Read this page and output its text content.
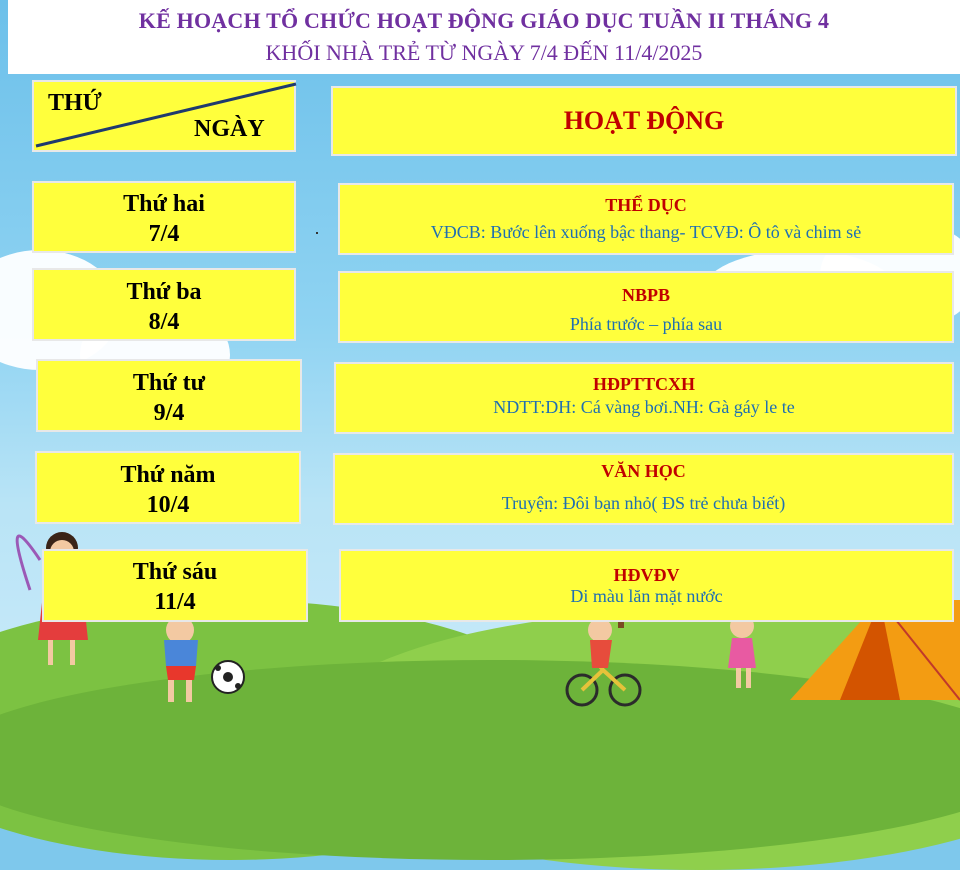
KẾ HOẠCH TỔ CHỨC HOẠT ĐỘNG GIÁO DỤC TUẦN II THÁNG 4
KHỐI NHÀ TRẺ TỪ NGÀY 7/4 ĐẾN 11/4/2025
THỨ
NGÀY	HOẠT ĐỘNG
Thứ hai
7/4
THỂ DỤC
VĐCB: Bước lên xuống bậc thang- TCVĐ: Ô tô và chim sẻ
Thứ ba
8/4
NBPB
Phía trước – phía sau
Thứ tư
9/4
HĐPTTCXH
NDTT:DH: Cá vàng bơi.NH: Gà gáy le te
Thứ năm
10/4
VĂN HỌC
Truyện: Đôi bạn nhỏ( ĐS trẻ chưa biết)
Thứ sáu
11/4
HĐVĐV
Di màu lăn mặt nước
